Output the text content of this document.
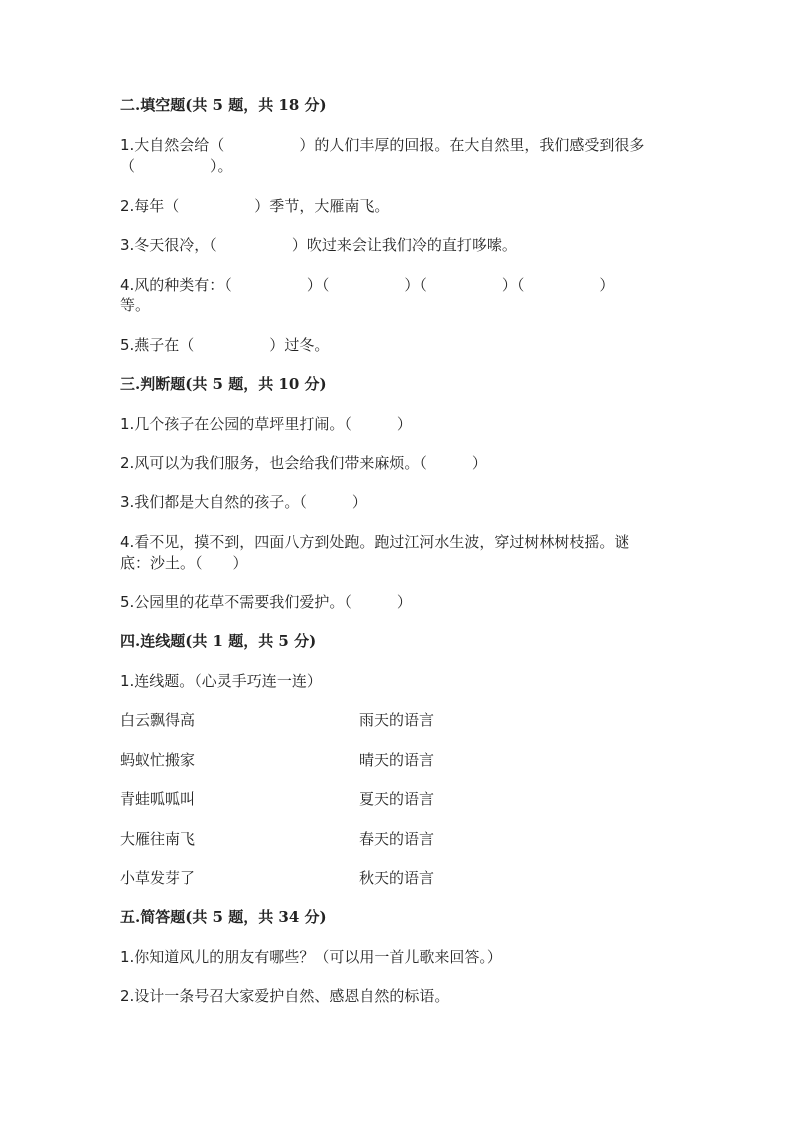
二.填空题(共 5 题，共 18 分)
1.大自然会给（　　　　　）的人们丰厚的回报。在大自然里，我们感受到很多
（　　　　　）。
2.每年（　　　　　）季节，大雁南飞。
3.冬天很冷，（　　　　　）吹过来会让我们冷的直打哆嗦。
4.风的种类有：（　　　　　）（　　　　　）（　　　　　）（　　　　　）
等。
5.燕子在（　　　　　）过冬。
三.判断题(共 5 题，共 10 分)
1.几个孩子在公园的草坪里打闹。（　　　）
2.风可以为我们服务，也会给我们带来麻烦。（　　　）
3.我们都是大自然的孩子。（　　　）
4.看不见，摸不到，四面八方到处跑。跑过江河水生波，穿过树林树枝摇。谜
底：沙土。（　　）
5.公园里的花草不需要我们爱护。（　　　）
四.连线题(共 1 题，共 5 分)
1.连线题。（心灵手巧连一连）
白云飘得高	雨天的语言
蚂蚁忙搬家	晴天的语言
青蛙呱呱叫	夏天的语言
大雁往南飞	春天的语言
小草发芽了	秋天的语言
五.简答题(共 5 题，共 34 分)
1.你知道风儿的朋友有哪些？（可以用一首儿歌来回答。）
2.设计一条号召大家爱护自然、感恩自然的标语。
